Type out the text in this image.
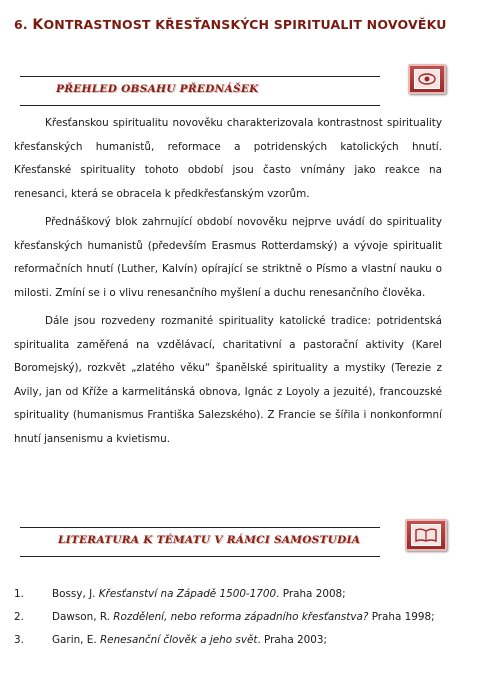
6. KONTRASTNOST KŘESŤANSKÝCH SPIRITUALIT NOVOVĚKU
PŘEHLED OBSAHU PŘEDNÁŠEK

Křesťanskou spiritualitu novověku charakterizovala kontrastnost spirituality křesťanských humanistů, reformace a potridenských katolických hnutí. Křesťanské spirituality tohoto období jsou často vnímány jako reakce na renesanci, která se obracela k předkřesťanským vzorům.

Přednáškový blok zahrnující období novověku nejprve uvádí do spirituality křesťanských humanistů (především Erasmus Rotterdamský) a vývoje spiritualit reformačních hnutí (Luther, Kalvín) opírající se striktně o Písmo a vlastní nauku o milosti. Zmíní se i o vlivu renesančního myšlení a duchu renesančního člověka.

Dále jsou rozvedeny rozmanité spirituality katolické tradice: potridentská spiritualita zaměřená na vzdělávací, charitativní a pastorační aktivity (Karel Boromejský), rozkvět „zlatého věku“ španělské spirituality a mystiky (Terezie z Avily, jan od Kříže a karmelitánská obnova, Ignác z Loyoly a jezuité), francouzské spirituality (humanismus Františka Salezského). Z Francie se šířila i nonkonformní hnutí jansenismu a kvietismu.

LITERATURA K TÉMATU V RÁMCI SAMOSTUDIA
1.	Bossy, J. Křesťanství na Západě 1500-1700. Praha 2008;
2.	Dawson, R. Rozdělení, nebo reforma západního křesťanstva? Praha 1998;
3.	Garin, E. Renesanční člověk a jeho svět. Praha 2003;
